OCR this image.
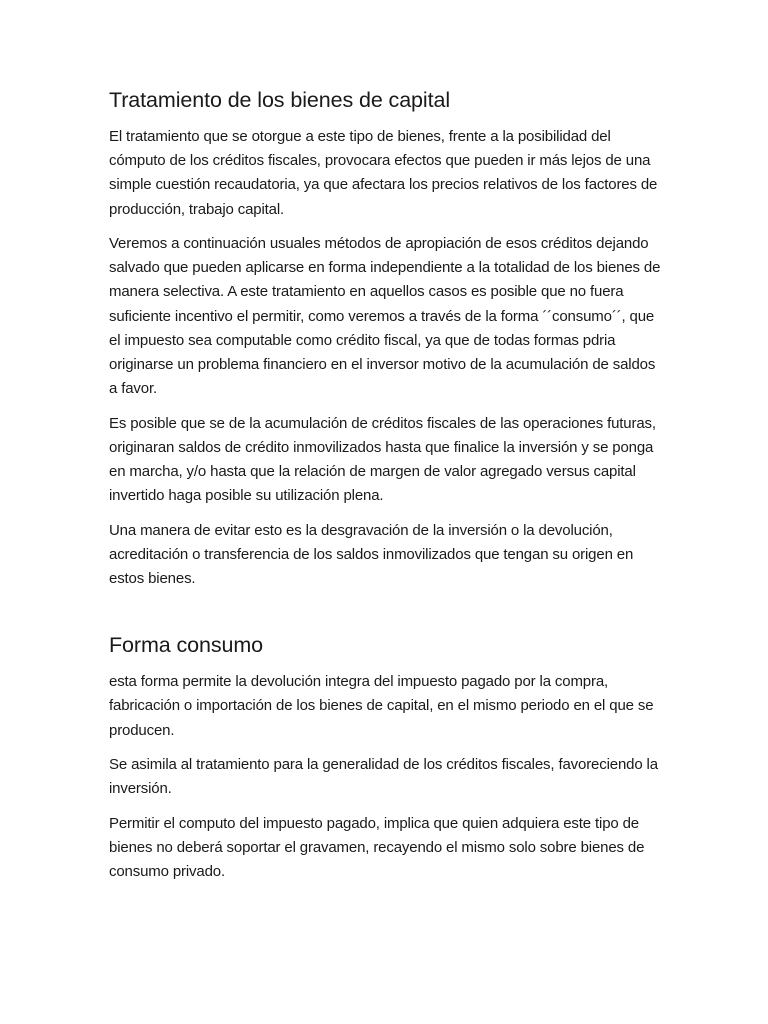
Tratamiento de los bienes de capital

El tratamiento que se otorgue a este tipo de bienes, frente a la posibilidad del cómputo de los créditos fiscales, provocara efectos que pueden ir más lejos de una simple cuestión recaudatoria, ya que afectara los precios relativos de los factores de producción, trabajo capital.

Veremos a continuación usuales métodos de apropiación de esos créditos dejando salvado que pueden aplicarse en forma independiente a la totalidad de los bienes de manera selectiva. A este tratamiento en aquellos casos es posible que no fuera suficiente incentivo el permitir, como veremos a través de la forma ´´consumo´´, que el impuesto sea computable como crédito fiscal, ya que de todas formas pdria originarse un problema financiero en el inversor motivo de la acumulación de saldos a favor.

Es posible que se de la acumulación de créditos fiscales de las operaciones futuras, originaran saldos de crédito inmovilizados hasta que finalice la inversión y se ponga en marcha, y/o hasta que la relación de margen de valor agregado versus capital invertido haga posible su utilización plena.

Una manera de evitar esto es la desgravación de la inversión o la devolución, acreditación o transferencia de los saldos inmovilizados que tengan su origen en estos bienes.

Forma consumo

esta forma permite la devolución integra del impuesto pagado por la compra, fabricación o importación de los bienes de capital, en el mismo periodo en el que se producen.

Se asimila al tratamiento para la generalidad de los créditos fiscales, favoreciendo la inversión.

Permitir el computo del impuesto pagado, implica que quien adquiera este tipo de bienes no deberá soportar el gravamen, recayendo el mismo solo sobre bienes de consumo privado.
